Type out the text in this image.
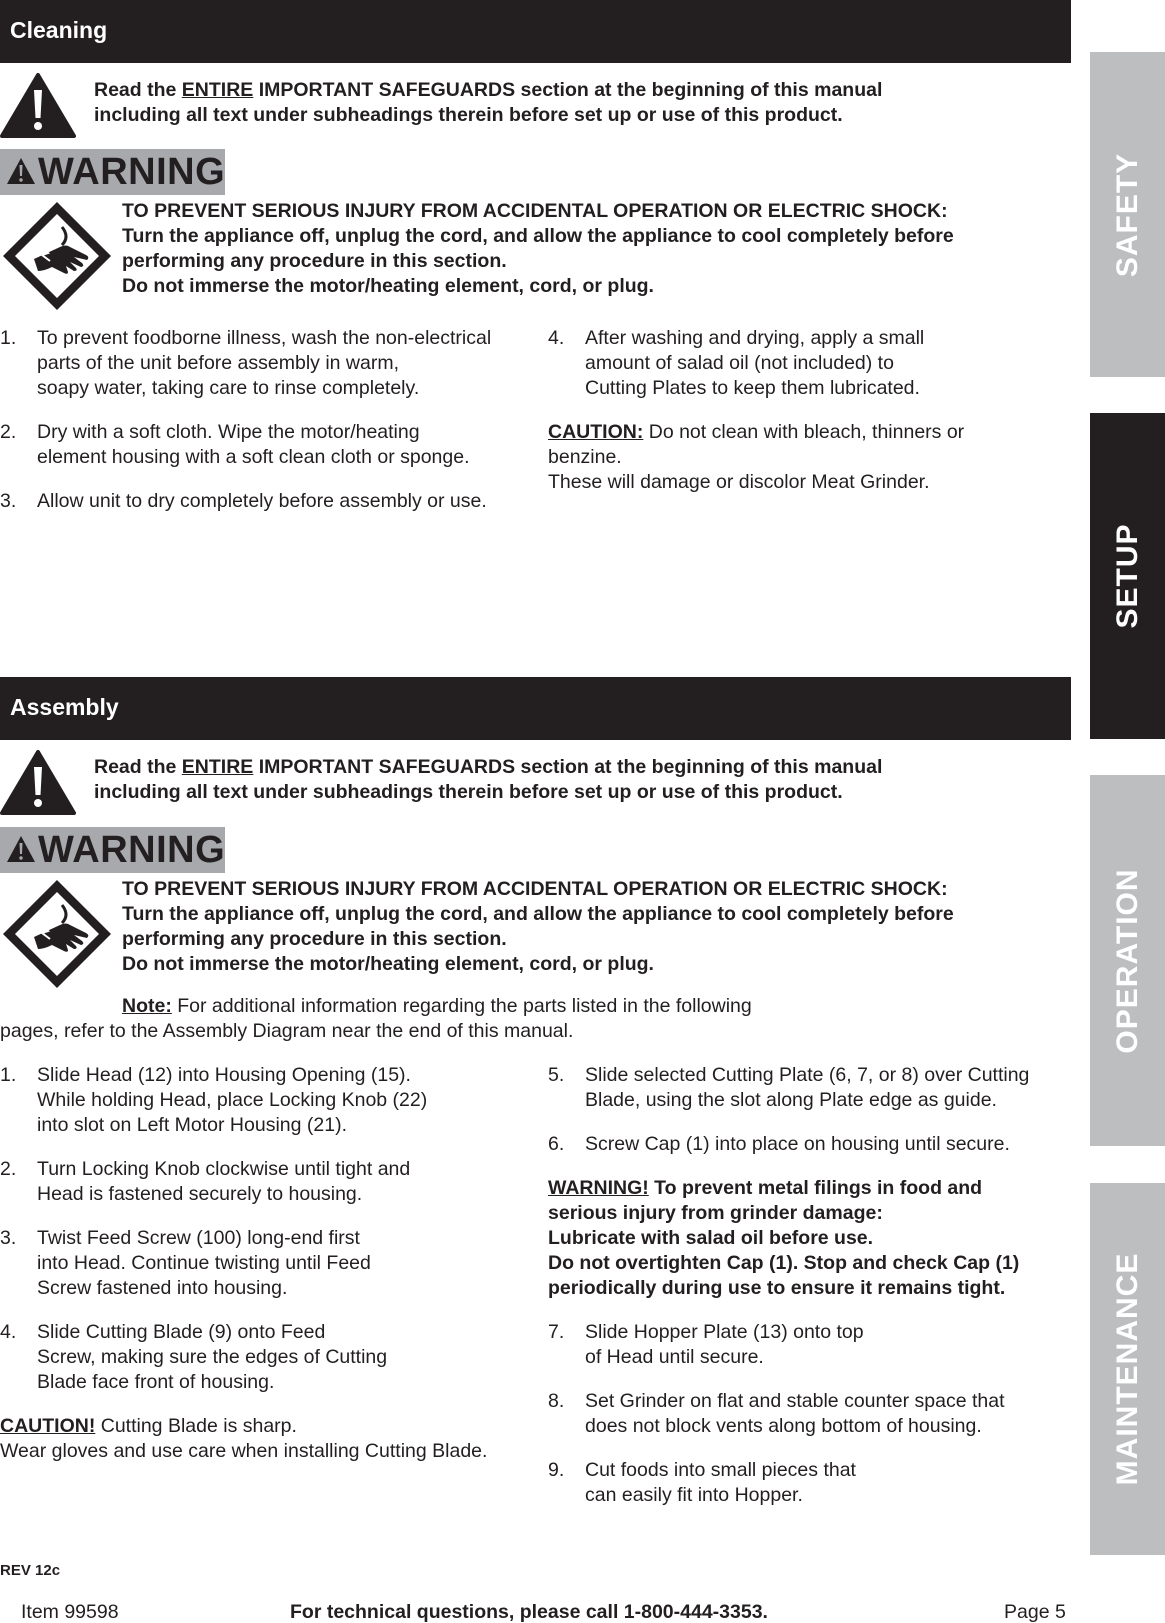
Cleaning
Read the ENTIRE IMPORTANT SAFEGUARDS section at the beginning of this manual
including all text under subheadings therein before set up or use of this product.
WARNING
TO PREVENT SERIOUS INJURY FROM ACCIDENTAL OPERATION OR ELECTRIC SHOCK:
Turn the appliance off, unplug the cord, and allow the appliance to cool completely before
performing any procedure in this section.
Do not immerse the motor/heating element, cord, or plug.
1. To prevent foodborne illness, wash the non-electrical
parts of the unit before assembly in warm,
soapy water, taking care to rinse completely.
2. Dry with a soft cloth. Wipe the motor/heating
element housing with a soft clean cloth or sponge.
3. Allow unit to dry completely before assembly or use.
4. After washing and drying, apply a small
amount of salad oil (not included) to
Cutting Plates to keep them lubricated.
CAUTION: Do not clean with bleach, thinners or
benzine.
These will damage or discolor Meat Grinder.
Assembly
Read the ENTIRE IMPORTANT SAFEGUARDS section at the beginning of this manual
including all text under subheadings therein before set up or use of this product.
WARNING
TO PREVENT SERIOUS INJURY FROM ACCIDENTAL OPERATION OR ELECTRIC SHOCK:
Turn the appliance off, unplug the cord, and allow the appliance to cool completely before
performing any procedure in this section.
Do not immerse the motor/heating element, cord, or plug.
Note: For additional information regarding the parts listed in the following
pages, refer to the Assembly Diagram near the end of this manual.
1. Slide Head (12) into Housing Opening (15).
While holding Head, place Locking Knob (22)
into slot on Left Motor Housing (21).
2. Turn Locking Knob clockwise until tight and
Head is fastened securely to housing.
3. Twist Feed Screw (100) long-end first
into Head. Continue twisting until Feed
Screw fastened into housing.
4. Slide Cutting Blade (9) onto Feed
Screw, making sure the edges of Cutting
Blade face front of housing.
CAUTION! Cutting Blade is sharp.
Wear gloves and use care when installing Cutting Blade.
5. Slide selected Cutting Plate (6, 7, or 8) over Cutting
Blade, using the slot along Plate edge as guide.
6. Screw Cap (1) into place on housing until secure.
WARNING! To prevent metal filings in food and
serious injury from grinder damage:
Lubricate with salad oil before use.
Do not overtighten Cap (1). Stop and check Cap (1)
periodically during use to ensure it remains tight.
7. Slide Hopper Plate (13) onto top
of Head until secure.
8. Set Grinder on flat and stable counter space that
does not block vents along bottom of housing.
9. Cut foods into small pieces that
can easily fit into Hopper.
SAFETY
SETUP
OPERATION
MAINTENANCE
REV 12c
Item 99598	For technical questions, please call 1-800-444-3353.	Page 5
